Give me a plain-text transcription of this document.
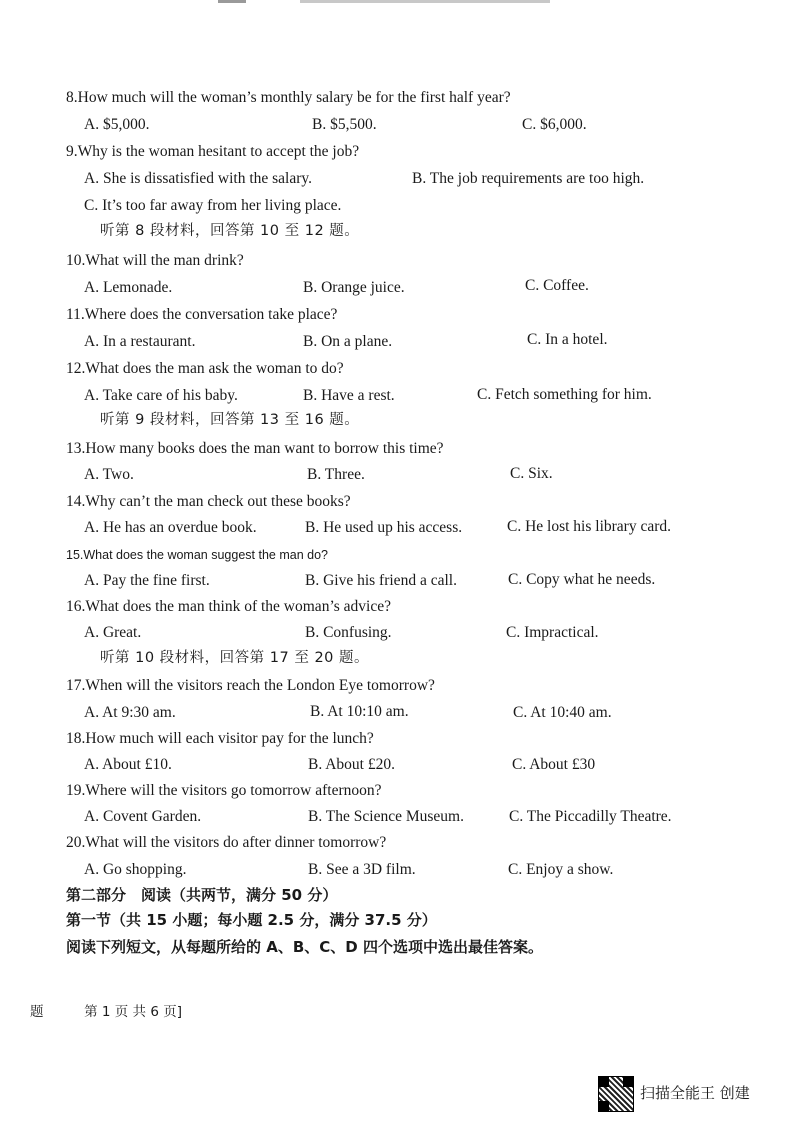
8.How much will the woman’s monthly salary be for the first half year?
A. $5,000.	B. $5,500.	C. $6,000.
9.Why is the woman hesitant to accept the job?
A. She is dissatisfied with the salary.	B. The job requirements are too high.
C. It’s too far away from her living place.
听第 8 段材料，回答第 10 至 12 题。
10.What will the man drink?
A. Lemonade.	B. Orange juice.	C. Coffee.
11.Where does the conversation take place?
A. In a restaurant.	B. On a plane.	C. In a hotel.
12.What does the man ask the woman to do?
A. Take care of his baby.	B. Have a rest.	C. Fetch something for him.
听第 9 段材料，回答第 13 至 16 题。
13.How many books does the man want to borrow this time?
A. Two.	B. Three.	C. Six.
14.Why can’t the man check out these books?
A. He has an overdue book.	B. He used up his access.	C. He lost his library card.
15.What does the woman suggest the man do?
A. Pay the fine first.	B. Give his friend a call.	C. Copy what he needs.
16.What does the man think of the woman’s advice?
A. Great.	B. Confusing.	C. Impractical.
听第 10 段材料，回答第 17 至 20 题。
17.When will the visitors reach the London Eye tomorrow?
A. At 9:30 am.	B. At 10:10 am.	C. At 10:40 am.
18.How much will each visitor pay for the lunch?
A. About £10.	B. About £20.	C. About £30
19.Where will the visitors go tomorrow afternoon?
A. Covent Garden.	B. The Science Museum.	C. The Piccadilly Theatre.
20.What will the visitors do after dinner tomorrow?
A. Go shopping.	B. See a 3D film.	C. Enjoy a show.
第二部分　阅读（共两节，满分 50 分）
第一节（共 15 小题；每小题 2.5 分，满分 37.5 分）
阅读下列短文，从每题所给的 A、B、C、D 四个选项中选出最佳答案。
题	第 1 页 共 6 页]
扫描全能王 创建
